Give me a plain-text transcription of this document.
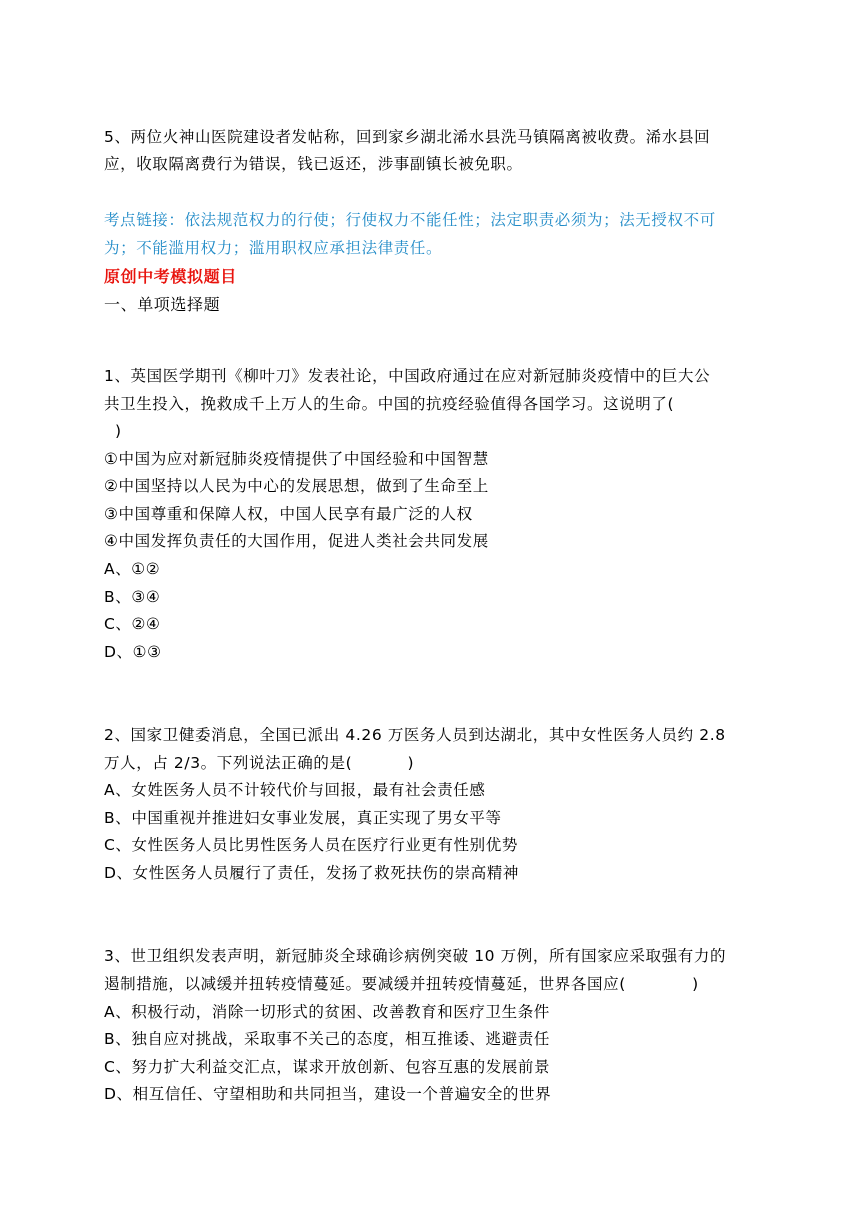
5、两位火神山医院建设者发帖称，回到家乡湖北浠水县洗马镇隔离被收费。浠水县回
应，收取隔离费行为错误，钱已返还，涉事副镇长被免职。
考点链接：依法规范权力的行使；行使权力不能任性；法定职责必须为；法无授权不可
为；不能滥用权力；滥用职权应承担法律责任。
原创中考模拟题目
一、单项选择题
1、英国医学期刊《柳叶刀》发表社论，中国政府通过在应对新冠肺炎疫情中的巨大公
共卫生投入，挽救成千上万人的生命。中国的抗疫经验值得各国学习。这说明了(
)
①中国为应对新冠肺炎疫情提供了中国经验和中国智慧
②中国坚持以人民为中心的发展思想，做到了生命至上
③中国尊重和保障人权，中国人民享有最广泛的人权
④中国发挥负责任的大国作用，促进人类社会共同发展
A、①②
B、③④
C、②④
D、①③
2、国家卫健委消息，全国已派出 4.26 万医务人员到达湖北，其中女性医务人员约 2.8
万人，占 2/3。下列说法正确的是(          )
A、女姓医务人员不计较代价与回报，最有社会责任感
B、中国重视并推进妇女事业发展，真正实现了男女平等
C、女性医务人员比男性医务人员在医疗行业更有性别优势
D、女性医务人员履行了责任，发扬了救死扶伤的崇高精神
3、世卫组织发表声明，新冠肺炎全球确诊病例突破 10 万例，所有国家应采取强有力的
遏制措施，以减缓并扭转疫情蔓延。要减缓并扭转疫情蔓延，世界各国应(            )
A、积极行动，消除一切形式的贫困、改善教育和医疗卫生条件
B、独自应对挑战，采取事不关己的态度，相互推诿、逃避责任
C、努力扩大利益交汇点，谋求开放创新、包容互惠的发展前景
D、相互信任、守望相助和共同担当，建设一个普遍安全的世界
